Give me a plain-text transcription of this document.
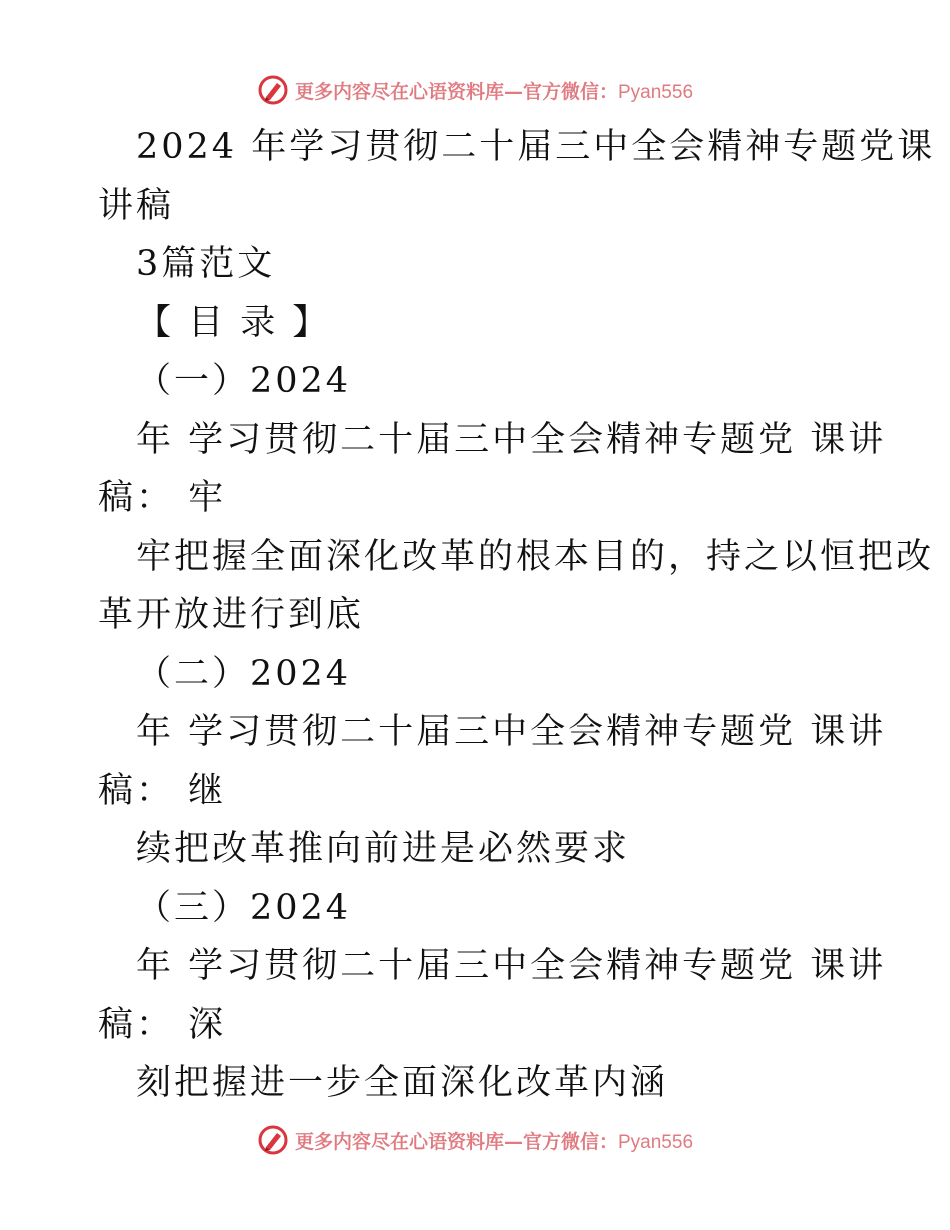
更多内容尽在心语资料库—官方微信：Pyan556
2024 年学习贯彻二十届三中全会精神专题党课
讲稿
3篇范文
【 目 录 】
（一）2024
年 学习贯彻二十届三中全会精神专题党 课讲
稿： 牢
牢把握全面深化改革的根本目的，持之以恒把改
革开放进行到底
（二）2024
年 学习贯彻二十届三中全会精神专题党 课讲
稿： 继
续把改革推向前进是必然要求
（三）2024
年 学习贯彻二十届三中全会精神专题党 课讲
稿： 深
刻把握进一步全面深化改革内涵
更多内容尽在心语资料库—官方微信：Pyan556
